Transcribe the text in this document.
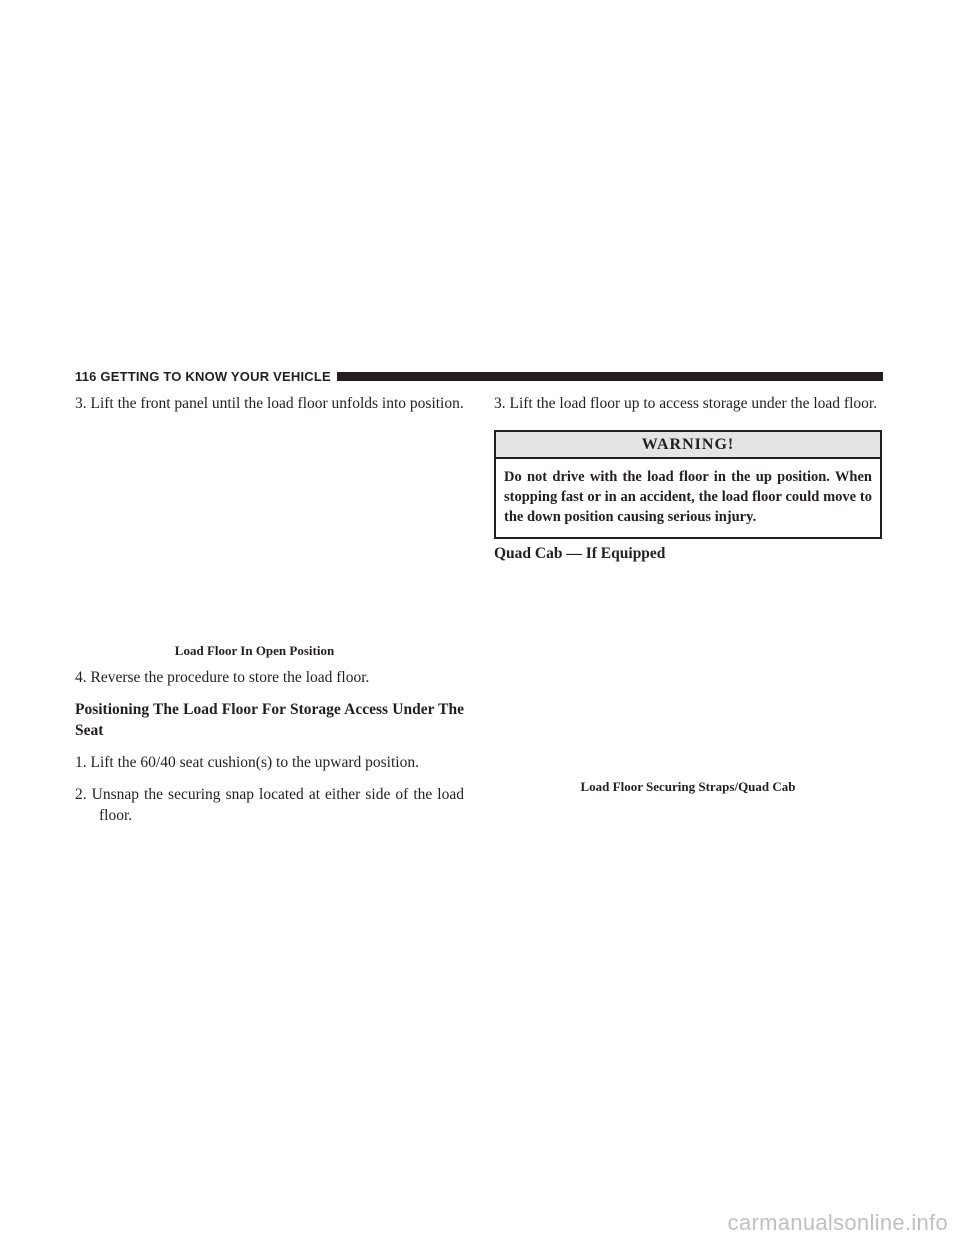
116 GETTING TO KNOW YOUR VEHICLE

3. Lift the front panel until the load floor unfolds into position.

Load Floor In Open Position

4. Reverse the procedure to store the load floor.

Positioning The Load Floor For Storage Access Under The Seat

1. Lift the 60/40 seat cushion(s) to the upward position.

2. Unsnap the securing snap located at either side of the load floor.

3. Lift the load floor up to access storage under the load floor.

WARNING!
Do not drive with the load floor in the up position. When stopping fast or in an accident, the load floor could move to the down position causing serious injury.

Quad Cab — If Equipped

Load Floor Securing Straps/Quad Cab

carmanualsonline.info
